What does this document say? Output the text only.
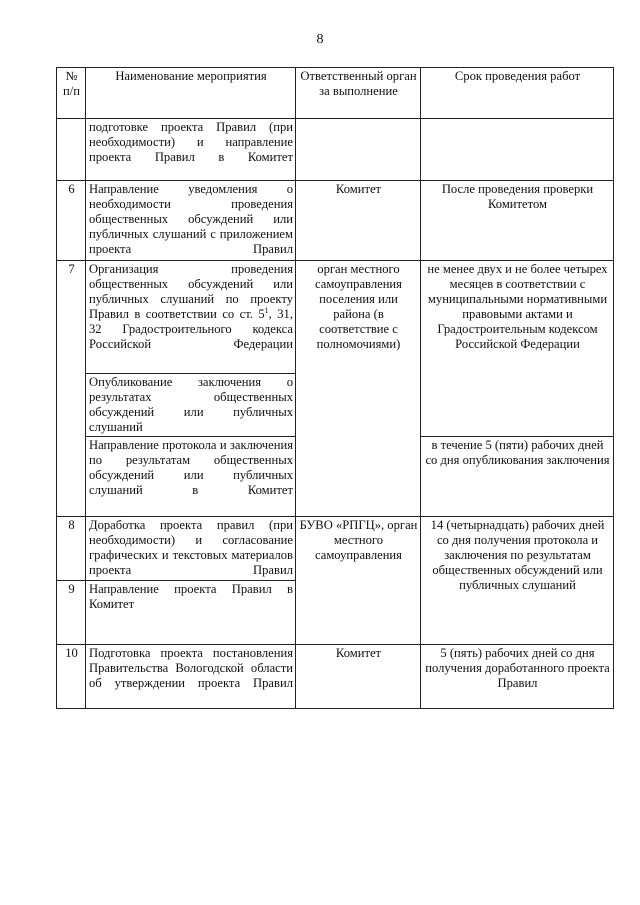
8
№ п/п	Наименование мероприятия	Ответственный орган за выполнение	Срок проведения работ
	подготовке проекта Правил (при необходимости) и направление проекта Правил в Комитет		
6	Направление уведомления о необходимости проведения общественных обсуждений или публичных слушаний с приложением проекта Правил	Комитет	После проведения проверки Комитетом
7	Организация проведения общественных обсуждений или публичных слушаний по проекту Правил в соответствии со ст. $5^1$, 31, 32 Градостроительного кодекса Российской Федерации	орган местного самоуправления поселения или района (в соответствие с полномочиями)	не менее двух и не более четырех месяцев в соответствии с муниципальными нормативными правовыми актами и Градостроительным кодексом Российской Федерации
	Опубликование заключения о результатах общественных обсуждений или публичных слушаний		
	Направление протокола и заключения по результатам общественных обсуждений или публичных слушаний в Комитет		в течение 5 (пяти) рабочих дней со дня опубликования заключения
8	Доработка проекта правил (при необходимости) и согласование графических и текстовых материалов проекта Правил	БУВО «РПГЦ», орган местного самоуправления	14 (четырнадцать) рабочих дней со дня получения протокола и заключения по результатам общественных обсуждений или публичных слушаний
9	Направление проекта Правил в Комитет		
10	Подготовка проекта постановления Правительства Вологодской области об утверждении проекта Правил	Комитет	5 (пять) рабочих дней со дня получения доработанного проекта Правил
